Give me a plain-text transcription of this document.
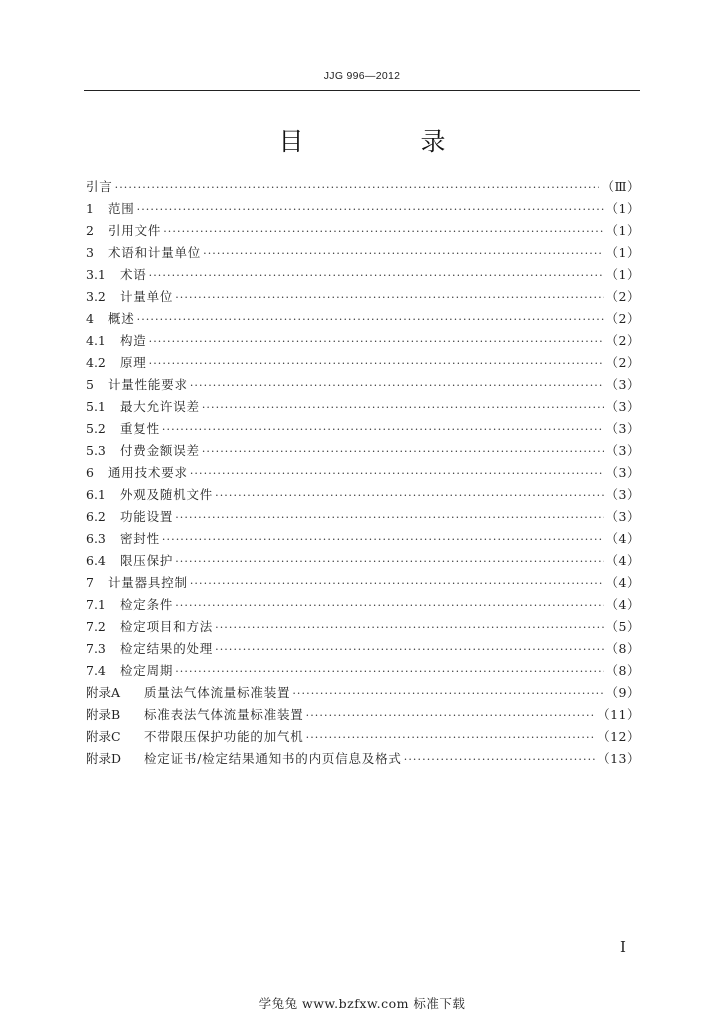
JJG 996—2012
目　录
引言 ·····	（Ⅲ）
1	范围 ·····	（1）
2	引用文件 ·····	（1）
3	术语和计量单位 ·····	（1）
3.1	术语 ·····	（1）
3.2	计量单位 ·····	（2）
4	概述 ·····	（2）
4.1	构造 ·····	（2）
4.2	原理 ·····	（2）
5	计量性能要求 ·····	（3）
5.1	最大允许误差 ·····	（3）
5.2	重复性 ·····	（3）
5.3	付费金额误差 ·····	（3）
6	通用技术要求 ·····	（3）
6.1	外观及随机文件 ·····	（3）
6.2	功能设置 ·····	（3）
6.3	密封性 ·····	（4）
6.4	限压保护 ·····	（4）
7	计量器具控制 ·····	（4）
7.1	检定条件 ·····	（4）
7.2	检定项目和方法 ·····	（5）
7.3	检定结果的处理 ·····	（8）
7.4	检定周期 ·····	（8）
附录A	质量法气体流量标准装置 ·····	（9）
附录B	标准表法气体流量标准装置 ·····	（11）
附录C	不带限压保护功能的加气机 ·····	（12）
附录D	检定证书/检定结果通知书的内页信息及格式 ·····	（13）
I
学兔兔 www.bzfxw.com 标准下载
